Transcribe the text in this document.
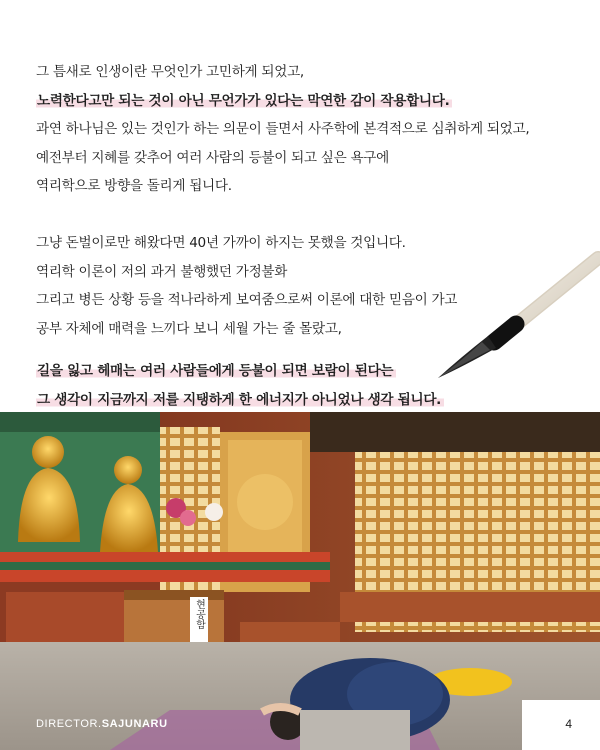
그 틈새로 인생이란 무엇인가 고민하게 되었고,
노력한다고만 되는 것이 아닌 무언가가 있다는 막연한 감이 작용합니다.
과연 하나님은 있는 것인가 하는 의문이 들면서 사주학에 본격적으로 심취하게 되었고,
예전부터 지혜를 갖추어 여러 사람의 등불이 되고 싶은 욕구에
역리학으로 방향을 돌리게 됩니다.
그냥 돈벌이로만 해왔다면 40년 가까이 하지는 못했을 것입니다.
역리학 이론이 저의 과거 불행했던 가정불화
그리고 병든 상황 등을 적나라하게 보여줌으로써 이론에 대한 믿음이 가고
공부 자체에 매력을 느끼다 보니 세월 가는 줄 몰랐고,
길을 잃고 헤매는 여러 사람들에게 등불이 되면 보람이 된다는
그 생각이 지금까지 저를 지탱하게 한 에너지가 아니었나 생각 됩니다.
현공함
DIRECTOR.SAJUNARU	4
